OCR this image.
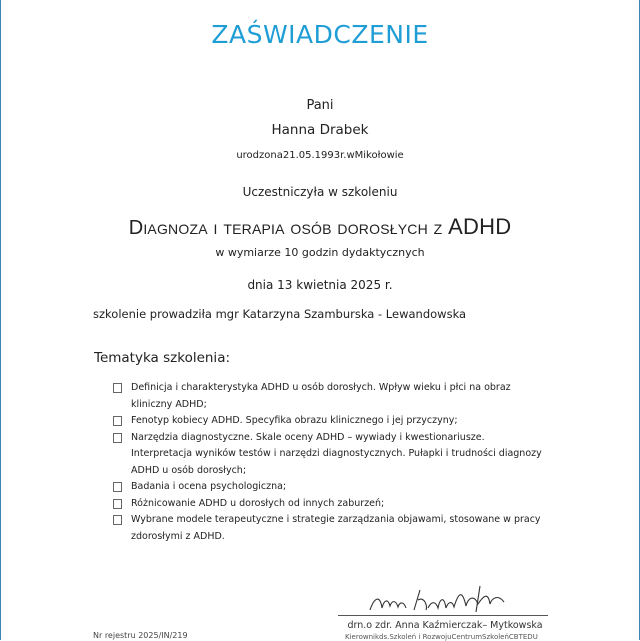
ZAŚWIADCZENIE
Pani
Hanna Drabek
urodzona21.05.1993r.wMikołowie
Uczestniczyła w szkoleniu
Diagnoza i terapia osób dorosłych z ADHD
w wymiarze 10 godzin dydaktycznych
dnia 13 kwietnia 2025 r.
szkolenie prowadziła mgr Katarzyna Szamburska - Lewandowska
Tematyka szkolenia:
Definicja i charakterystyka ADHD u osób dorosłych. Wpływ wieku i płci na obraz kliniczny ADHD;
Fenotyp kobiecy ADHD. Specyfika obrazu klinicznego i jej przyczyny;
Narzędzia diagnostyczne. Skale oceny ADHD – wywiady i kwestionariusze. Interpretacja wyników testów i narzędzi diagnostycznych. Pułapki i trudności diagnozy ADHD u osób dorosłych;
Badania i ocena psychologiczna;
Różnicowanie ADHD u dorosłych od innych zaburzeń;
Wybrane modele terapeutyczne i strategie zarządzania objawami, stosowane w pracy zdorosłymi z ADHD.
drn.o zdr. Anna Kaźmierczak– Mytkowska
Kierownikds.Szkoleń i RozwojuCentrumSzkoleńCBTEDU
Nr rejestru 2025/IN/219
